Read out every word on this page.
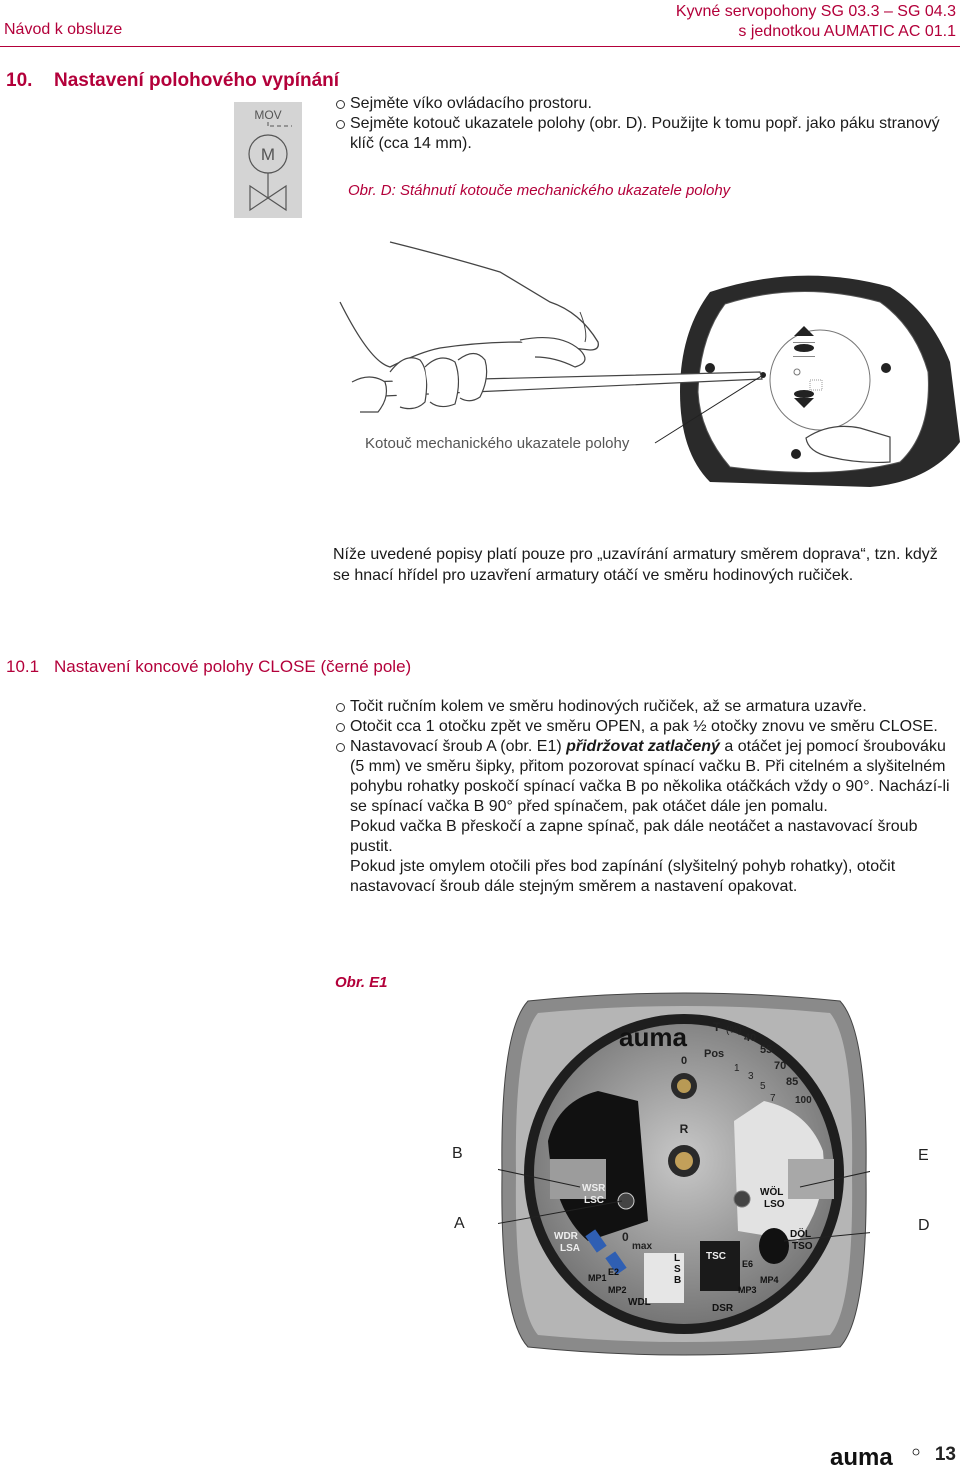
Návod k obsluze
Kyvné servopohony SG 03.3 – SG 04.3
s jednotkou AUMATIC AC 01.1
10. Nastavení polohového vypínání
MOV
M
Sejměte víko ovládacího prostoru.
Sejměte kotouč ukazatele polohy (obr. D). Použijte k tomu popř. jako páku stranový klíč (cca 14 mm).
Obr. D: Stáhnutí kotouče mechanického ukazatele polohy
Kotouč mechanického ukazatele polohy
Níže uvedené popisy platí pouze pro „uzavírání armatury směrem doprava“, tzn. když se hnací hřídel pro uzavření armatury otáčí ve směru hodinových ručiček.
10.1 Nastavení koncové polohy CLOSE (černé pole)
Točit ručním kolem ve směru hodinových ručiček, až se armatura uzavře.
Otočit cca 1 otočku zpět ve směru OPEN, a pak ½ otočky znovu ve směru CLOSE.
Nastavovací šroub A (obr. E1) přidržovat zatlačený a otáčet jej pomocí šroubováku (5 mm) ve směru šipky, přitom pozorovat spínací vačku B. Při citelném a slyšitelném pohybu rohatky poskočí spínací vačka B po několika otáčkách vždy o 90°. Nachází-li se spínací vačka B 90° před spínačem, pak otáčet dále jen pomalu.
Pokud vačka B přeskočí a zapne spínač, pak dále neotáčet a nastavovací šroub pustit.
Pokud jste omylem otočili přes bod zapínání (slyšitelný pohyb rohatky), otočit nastavovací šroub dále stejným směrem a nastavení opakovat.
Obr. E1
auma T (%)
40
55
70
85
100
Pos
1
3
5
7
0
R
WSR
LSC
WDR
LSA
WÖL
LSO
DÖL
TSO
max
0
L
S
B
TSC
E2
MP1
MP2
E6
MP4
MP3
WDL
DSR
B	E
A	D
auma 13
